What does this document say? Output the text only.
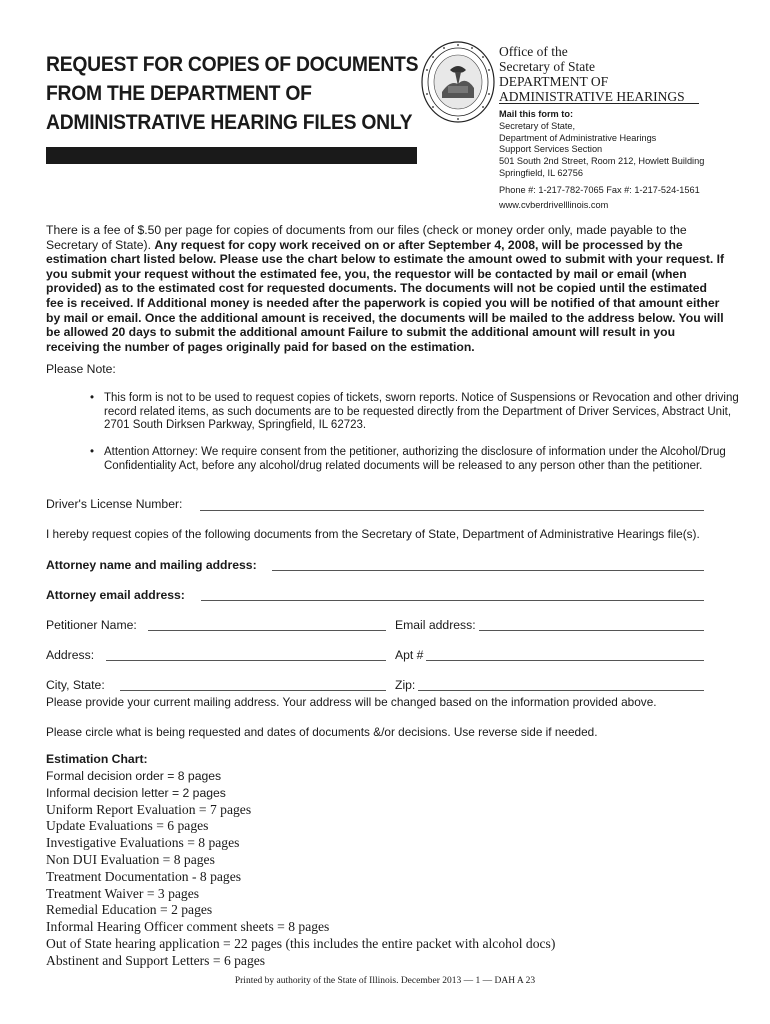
REQUEST FOR COPIES OF DOCUMENTS
FROM THE DEPARTMENT OF
ADMINISTRATIVE HEARING FILES ONLY
Office of the
Secretary of State
DEPARTMENT OF
ADMINISTRATIVE HEARINGS
Mail this form to:
Secretary of State,
Department of Administrative Hearings
Support Services Section
501 South 2nd Street, Room 212, Howlett Building
Springfield, IL 62756
Phone #: 1-217-782-7065 Fax #: 1-217-524-1561
www.cvberdrivelllinois.com
There is a fee of $.50 per page for copies of documents from our files (check or money order only, made payable to the Secretary of State). Any request for copy work received on or after September 4, 2008, will be processed by the estimation chart listed below. Please use the chart below to estimate the amount owed to submit with your request. If you submit your request without the estimated fee, you, the requestor will be contacted by mail or email (when provided) as to the estimated cost for requested documents. The documents will not be copied until the estimated fee is received. If Additional money is needed after the paperwork is copied you will be notified of that amount either by mail or email. Once the additional amount is received, the documents will be mailed to the address below. You will be allowed 20 days to submit the additional amount Failure to submit the additional amount will result in you receiving the number of pages originally paid for based on the estimation.
Please Note:
• This form is not to be used to request copies of tickets, sworn reports. Notice of Suspensions or Revocation and other driving record related items, as such documents are to be requested directly from the Department of Driver Services, Abstract Unit, 2701 South Dirksen Parkway, Springfield, IL 62723.
• Attention Attorney: We require consent from the petitioner, authorizing the disclosure of information under the Alcohol/Drug Confidentiality Act, before any alcohol/drug related documents will be released to any person other than the petitioner.
Driver's License Number:
I hereby request copies of the following documents from the Secretary of State, Department of Administrative Hearings file(s).
Attorney name and mailing address:
Attorney email address:
Petitioner Name:	Email address:
Address:	Apt #
City, State:	Zip:
Please provide your current mailing address. Your address will be changed based on the information provided above.
Please circle what is being requested and dates of documents &/or decisions. Use reverse side if needed.
Estimation Chart:
Formal decision order = 8 pages
Informal decision letter = 2 pages
Uniform Report Evaluation = 7 pages
Update Evaluations = 6 pages
Investigative Evaluations = 8 pages
Non DUI Evaluation = 8 pages
Treatment Documentation - 8 pages
Treatment Waiver = 3 pages
Remedial Education = 2 pages
Informal Hearing Officer comment sheets = 8 pages
Out of State hearing application = 22 pages (this includes the entire packet with alcohol docs)
Abstinent and Support Letters = 6 pages
Printed by authority of the State of Illinois. December 2013 — 1 — DAH A 23
